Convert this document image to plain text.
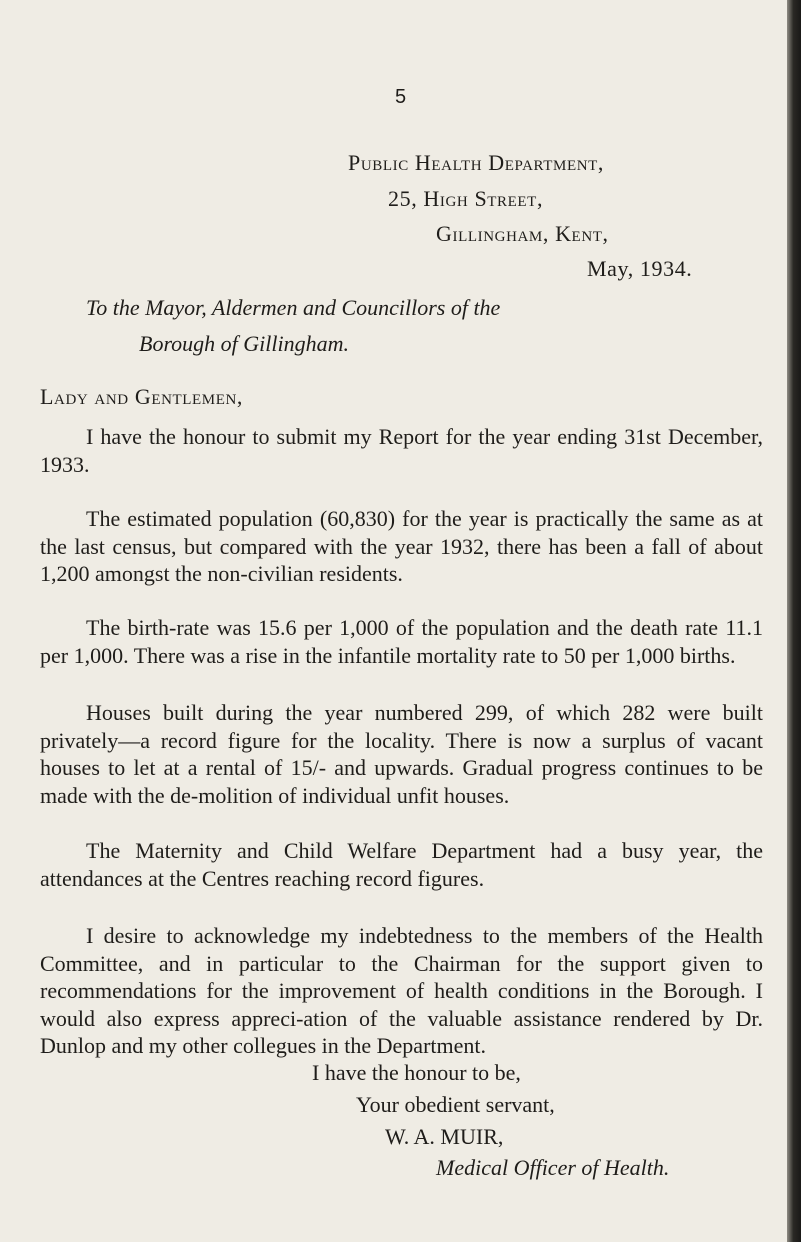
5
Public Health Department,
25, High Street,
Gillingham, Kent,
May, 1934.
To the Mayor, Aldermen and Councillors of the
Borough of Gillingham.
Lady and Gentlemen,

I have the honour to submit my Report for the year ending 31st December, 1933.

The estimated population (60,830) for the year is practically the same as at the last census, but compared with the year 1932, there has been a fall of about 1,200 amongst the non-civilian residents.

The birth-rate was 15.6 per 1,000 of the population and the death rate 11.1 per 1,000. There was a rise in the infantile mortality rate to 50 per 1,000 births.

Houses built during the year numbered 299, of which 282 were built privately—a record figure for the locality. There is now a surplus of vacant houses to let at a rental of 15/- and upwards. Gradual progress continues to be made with the de-molition of individual unfit houses.

The Maternity and Child Welfare Department had a busy year, the attendances at the Centres reaching record figures.

I desire to acknowledge my indebtedness to the members of the Health Committee, and in particular to the Chairman for the support given to recommendations for the improvement of health conditions in the Borough. I would also express appreci-ation of the valuable assistance rendered by Dr. Dunlop and my other collegues in the Department.

I have the honour to be,
Your obedient servant,
W. A. MUIR,
Medical Officer of Health.
